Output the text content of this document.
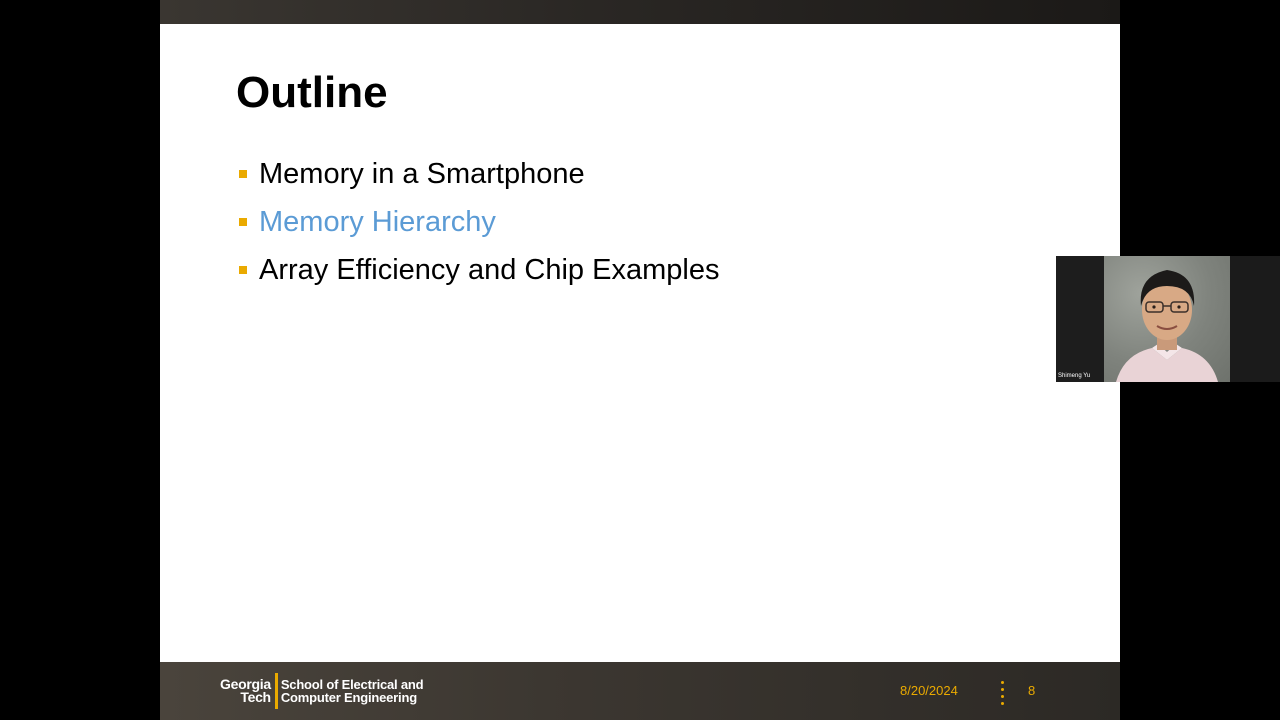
Outline
Memory in a Smartphone
Memory Hierarchy
Array Efficiency and Chip Examples
Georgia
Tech
School of Electrical and
Computer Engineering	8/20/2024	8
Shimeng Yu
